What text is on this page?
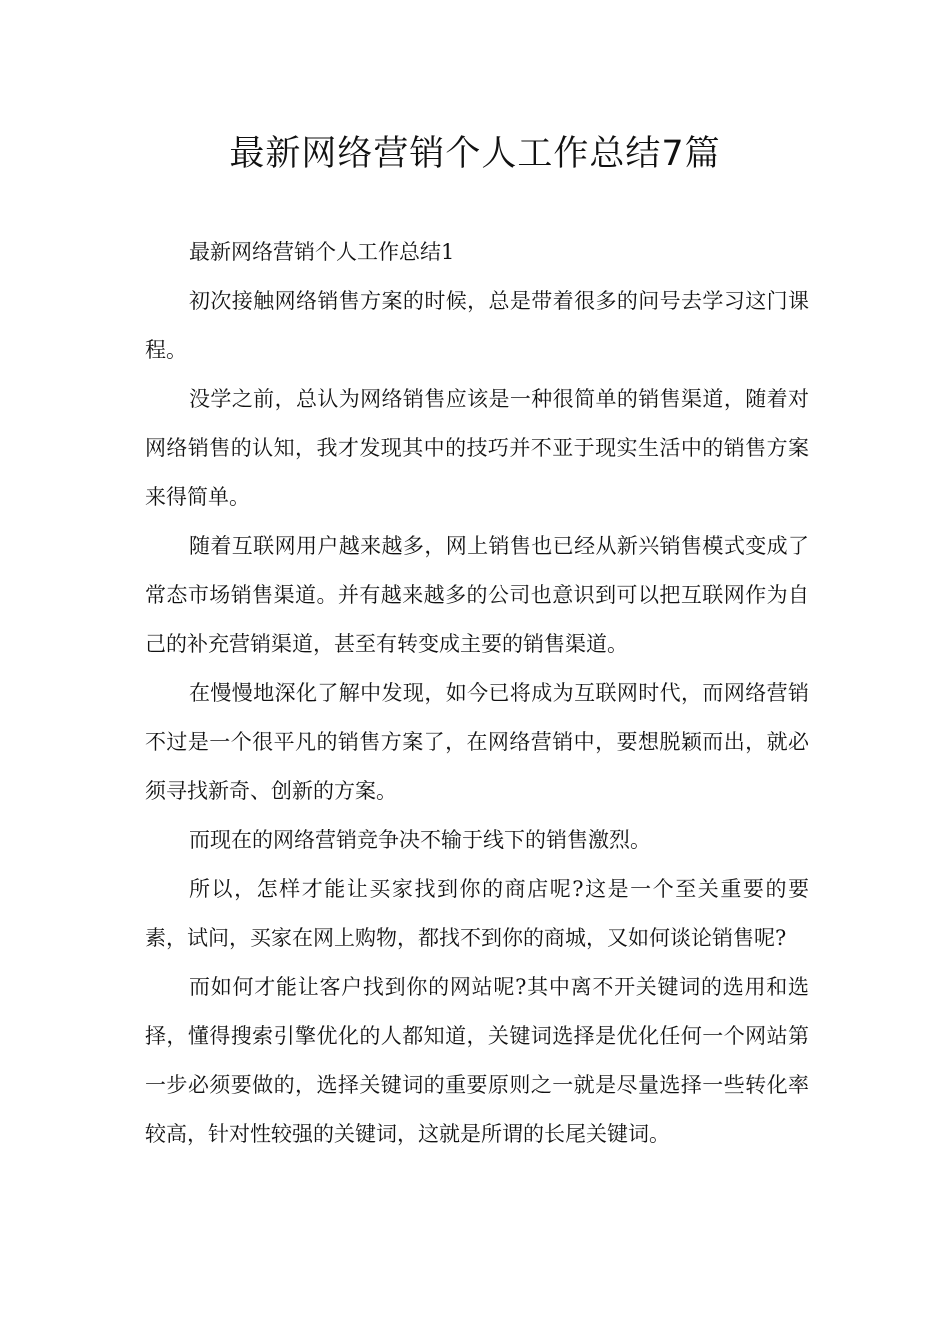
最新网络营销个人工作总结7篇

最新网络营销个人工作总结1

初次接触网络销售方案的时候，总是带着很多的问号去学习这门课程。

没学之前，总认为网络销售应该是一种很简单的销售渠道，随着对网络销售的认知，我才发现其中的技巧并不亚于现实生活中的销售方案来得简单。

随着互联网用户越来越多，网上销售也已经从新兴销售模式变成了常态市场销售渠道。并有越来越多的公司也意识到可以把互联网作为自己的补充营销渠道，甚至有转变成主要的销售渠道。

在慢慢地深化了解中发现，如今已将成为互联网时代，而网络营销不过是一个很平凡的销售方案了，在网络营销中，要想脱颖而出，就必须寻找新奇、创新的方案。

而现在的网络营销竞争决不输于线下的销售激烈。

所以，怎样才能让买家找到你的商店呢?这是一个至关重要的要素，试问，买家在网上购物，都找不到你的商城，又如何谈论销售呢?

而如何才能让客户找到你的网站呢?其中离不开关键词的选用和选择，懂得搜索引擎优化的人都知道，关键词选择是优化任何一个网站第一步必须要做的，选择关键词的重要原则之一就是尽量选择一些转化率较高，针对性较强的关键词，这就是所谓的长尾关键词。
